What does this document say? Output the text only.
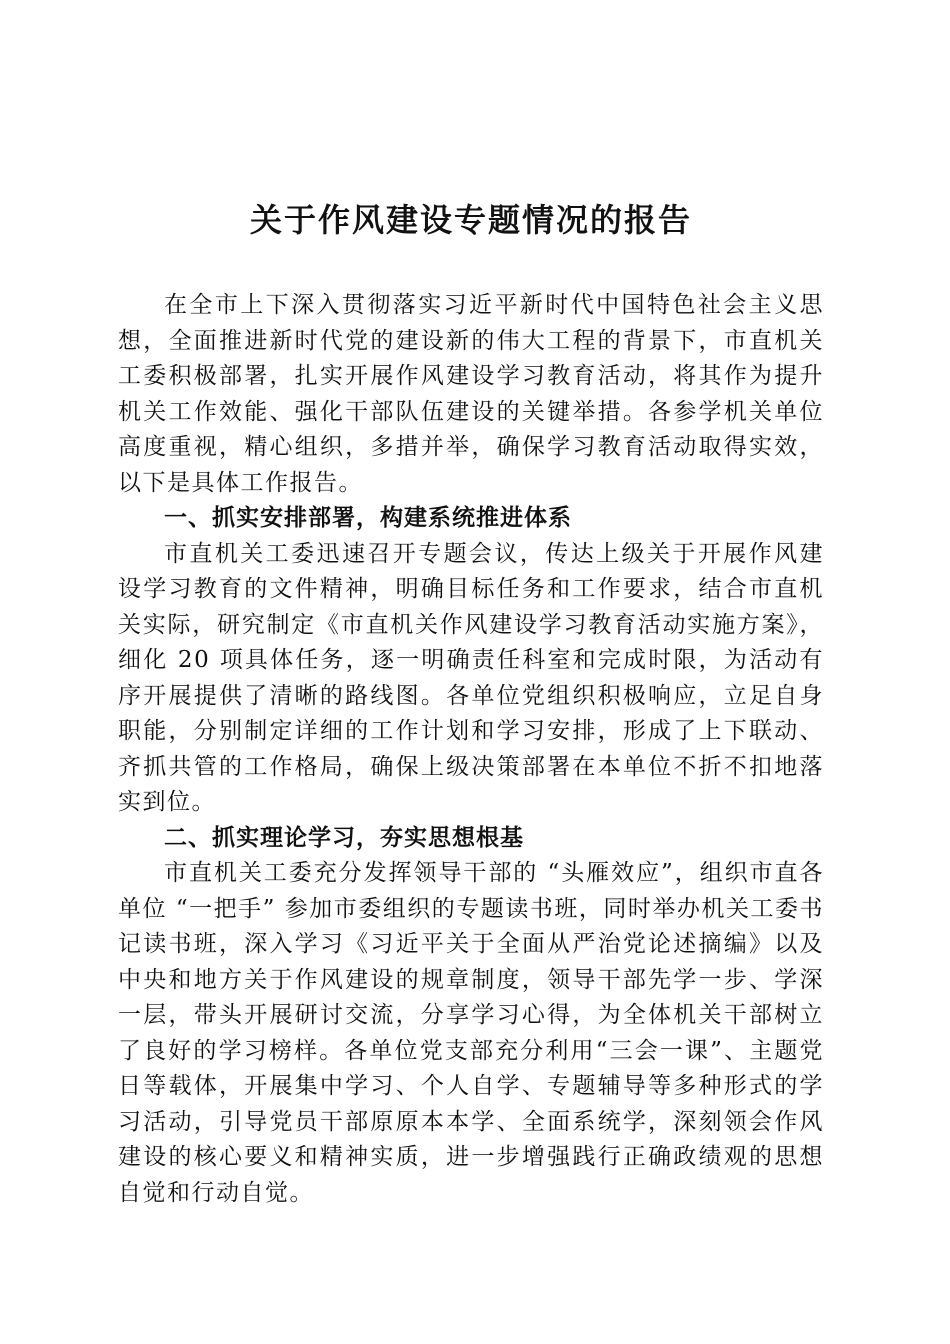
关于作风建设专题情况的报告

在全市上下深入贯彻落实习近平新时代中国特色社会主义思想，全面推进新时代党的建设新的伟大工程的背景下，市直机关工委积极部署，扎实开展作风建设学习教育活动，将其作为提升机关工作效能、强化干部队伍建设的关键举措。各参学机关单位高度重视，精心组织，多措并举，确保学习教育活动取得实效，以下是具体工作报告。

一、抓实安排部署，构建系统推进体系

市直机关工委迅速召开专题会议，传达上级关于开展作风建设学习教育的文件精神，明确目标任务和工作要求，结合市直机关实际，研究制定《市直机关作风建设学习教育活动实施方案》，细化 20 项具体任务，逐一明确责任科室和完成时限，为活动有序开展提供了清晰的路线图。各单位党组织积极响应，立足自身职能，分别制定详细的工作计划和学习安排，形成了上下联动、齐抓共管的工作格局，确保上级决策部署在本单位不折不扣地落实到位。

二、抓实理论学习，夯实思想根基

市直机关工委充分发挥领导干部的 “头雁效应”，组织市直各单位 “一把手” 参加市委组织的专题读书班，同时举办机关工委书记读书班，深入学习《习近平关于全面从严治党论述摘编》以及中央和地方关于作风建设的规章制度，领导干部先学一步、学深一层，带头开展研讨交流，分享学习心得，为全体机关干部树立了良好的学习榜样。各单位党支部充分利用“三会一课”、主题党日等载体，开展集中学习、个人自学、专题辅导等多种形式的学习活动，引导党员干部原原本本学、全面系统学，深刻领会作风建设的核心要义和精神实质，进一步增强践行正确政绩观的思想自觉和行动自觉。
